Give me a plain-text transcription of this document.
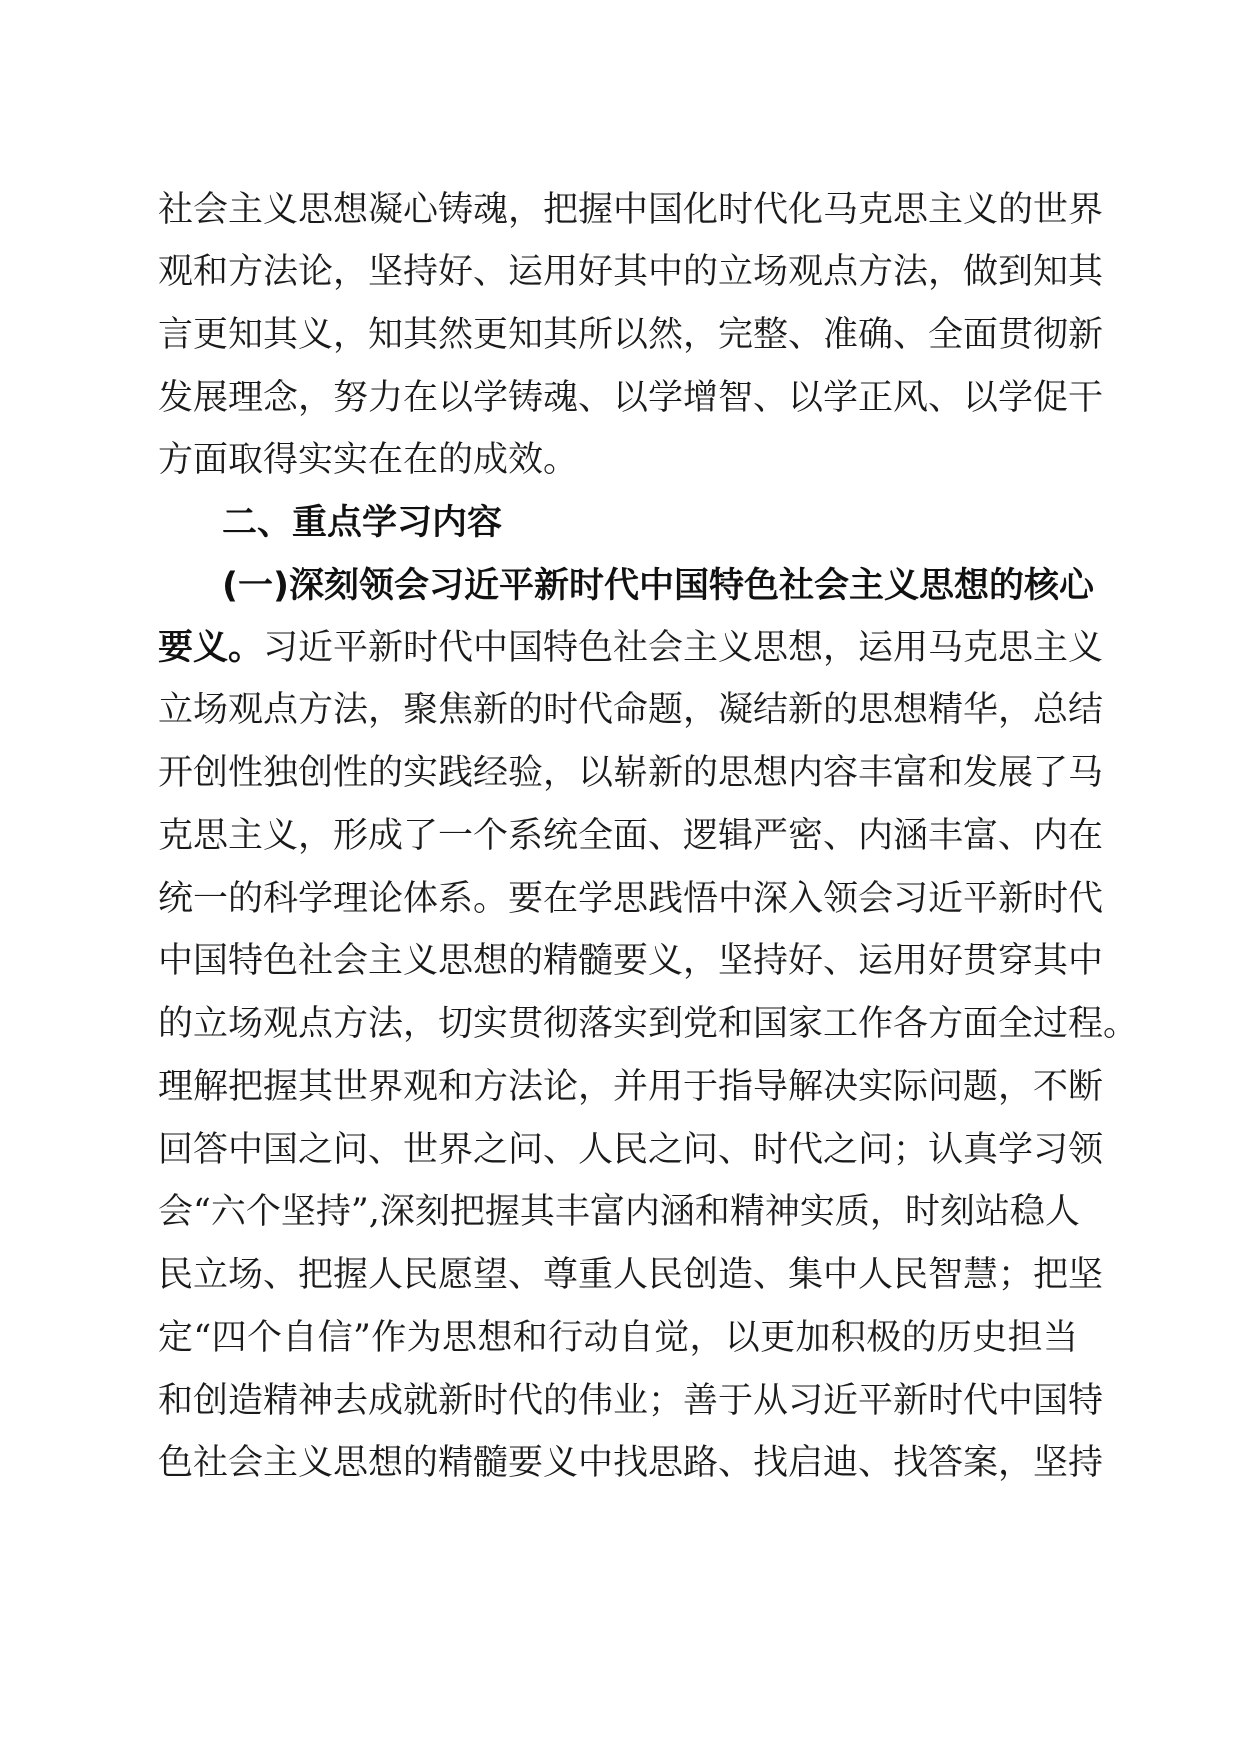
社会主义思想凝心铸魂，把握中国化时代化马克思主义的世界
观和方法论，坚持好、运用好其中的立场观点方法，做到知其
言更知其义，知其然更知其所以然，完整、准确、全面贯彻新
发展理念，努力在以学铸魂、以学增智、以学正风、以学促干
方面取得实实在在的成效。
二、重点学习内容
(一)深刻领会习近平新时代中国特色社会主义思想的核心
要义。习近平新时代中国特色社会主义思想，运用马克思主义
立场观点方法，聚焦新的时代命题，凝结新的思想精华，总结
开创性独创性的实践经验，以崭新的思想内容丰富和发展了马
克思主义，形成了一个系统全面、逻辑严密、内涵丰富、内在
统一的科学理论体系。要在学思践悟中深入领会习近平新时代
中国特色社会主义思想的精髓要义，坚持好、运用好贯穿其中
的立场观点方法，切实贯彻落实到党和国家工作各方面全过程。
理解把握其世界观和方法论，并用于指导解决实际问题，不断
回答中国之问、世界之问、人民之问、时代之问；认真学习领
会“六个坚持”,深刻把握其丰富内涵和精神实质，时刻站稳人
民立场、把握人民愿望、尊重人民创造、集中人民智慧；把坚
定“四个自信”作为思想和行动自觉，以更加积极的历史担当
和创造精神去成就新时代的伟业；善于从习近平新时代中国特
色社会主义思想的精髓要义中找思路、找启迪、找答案，坚持
